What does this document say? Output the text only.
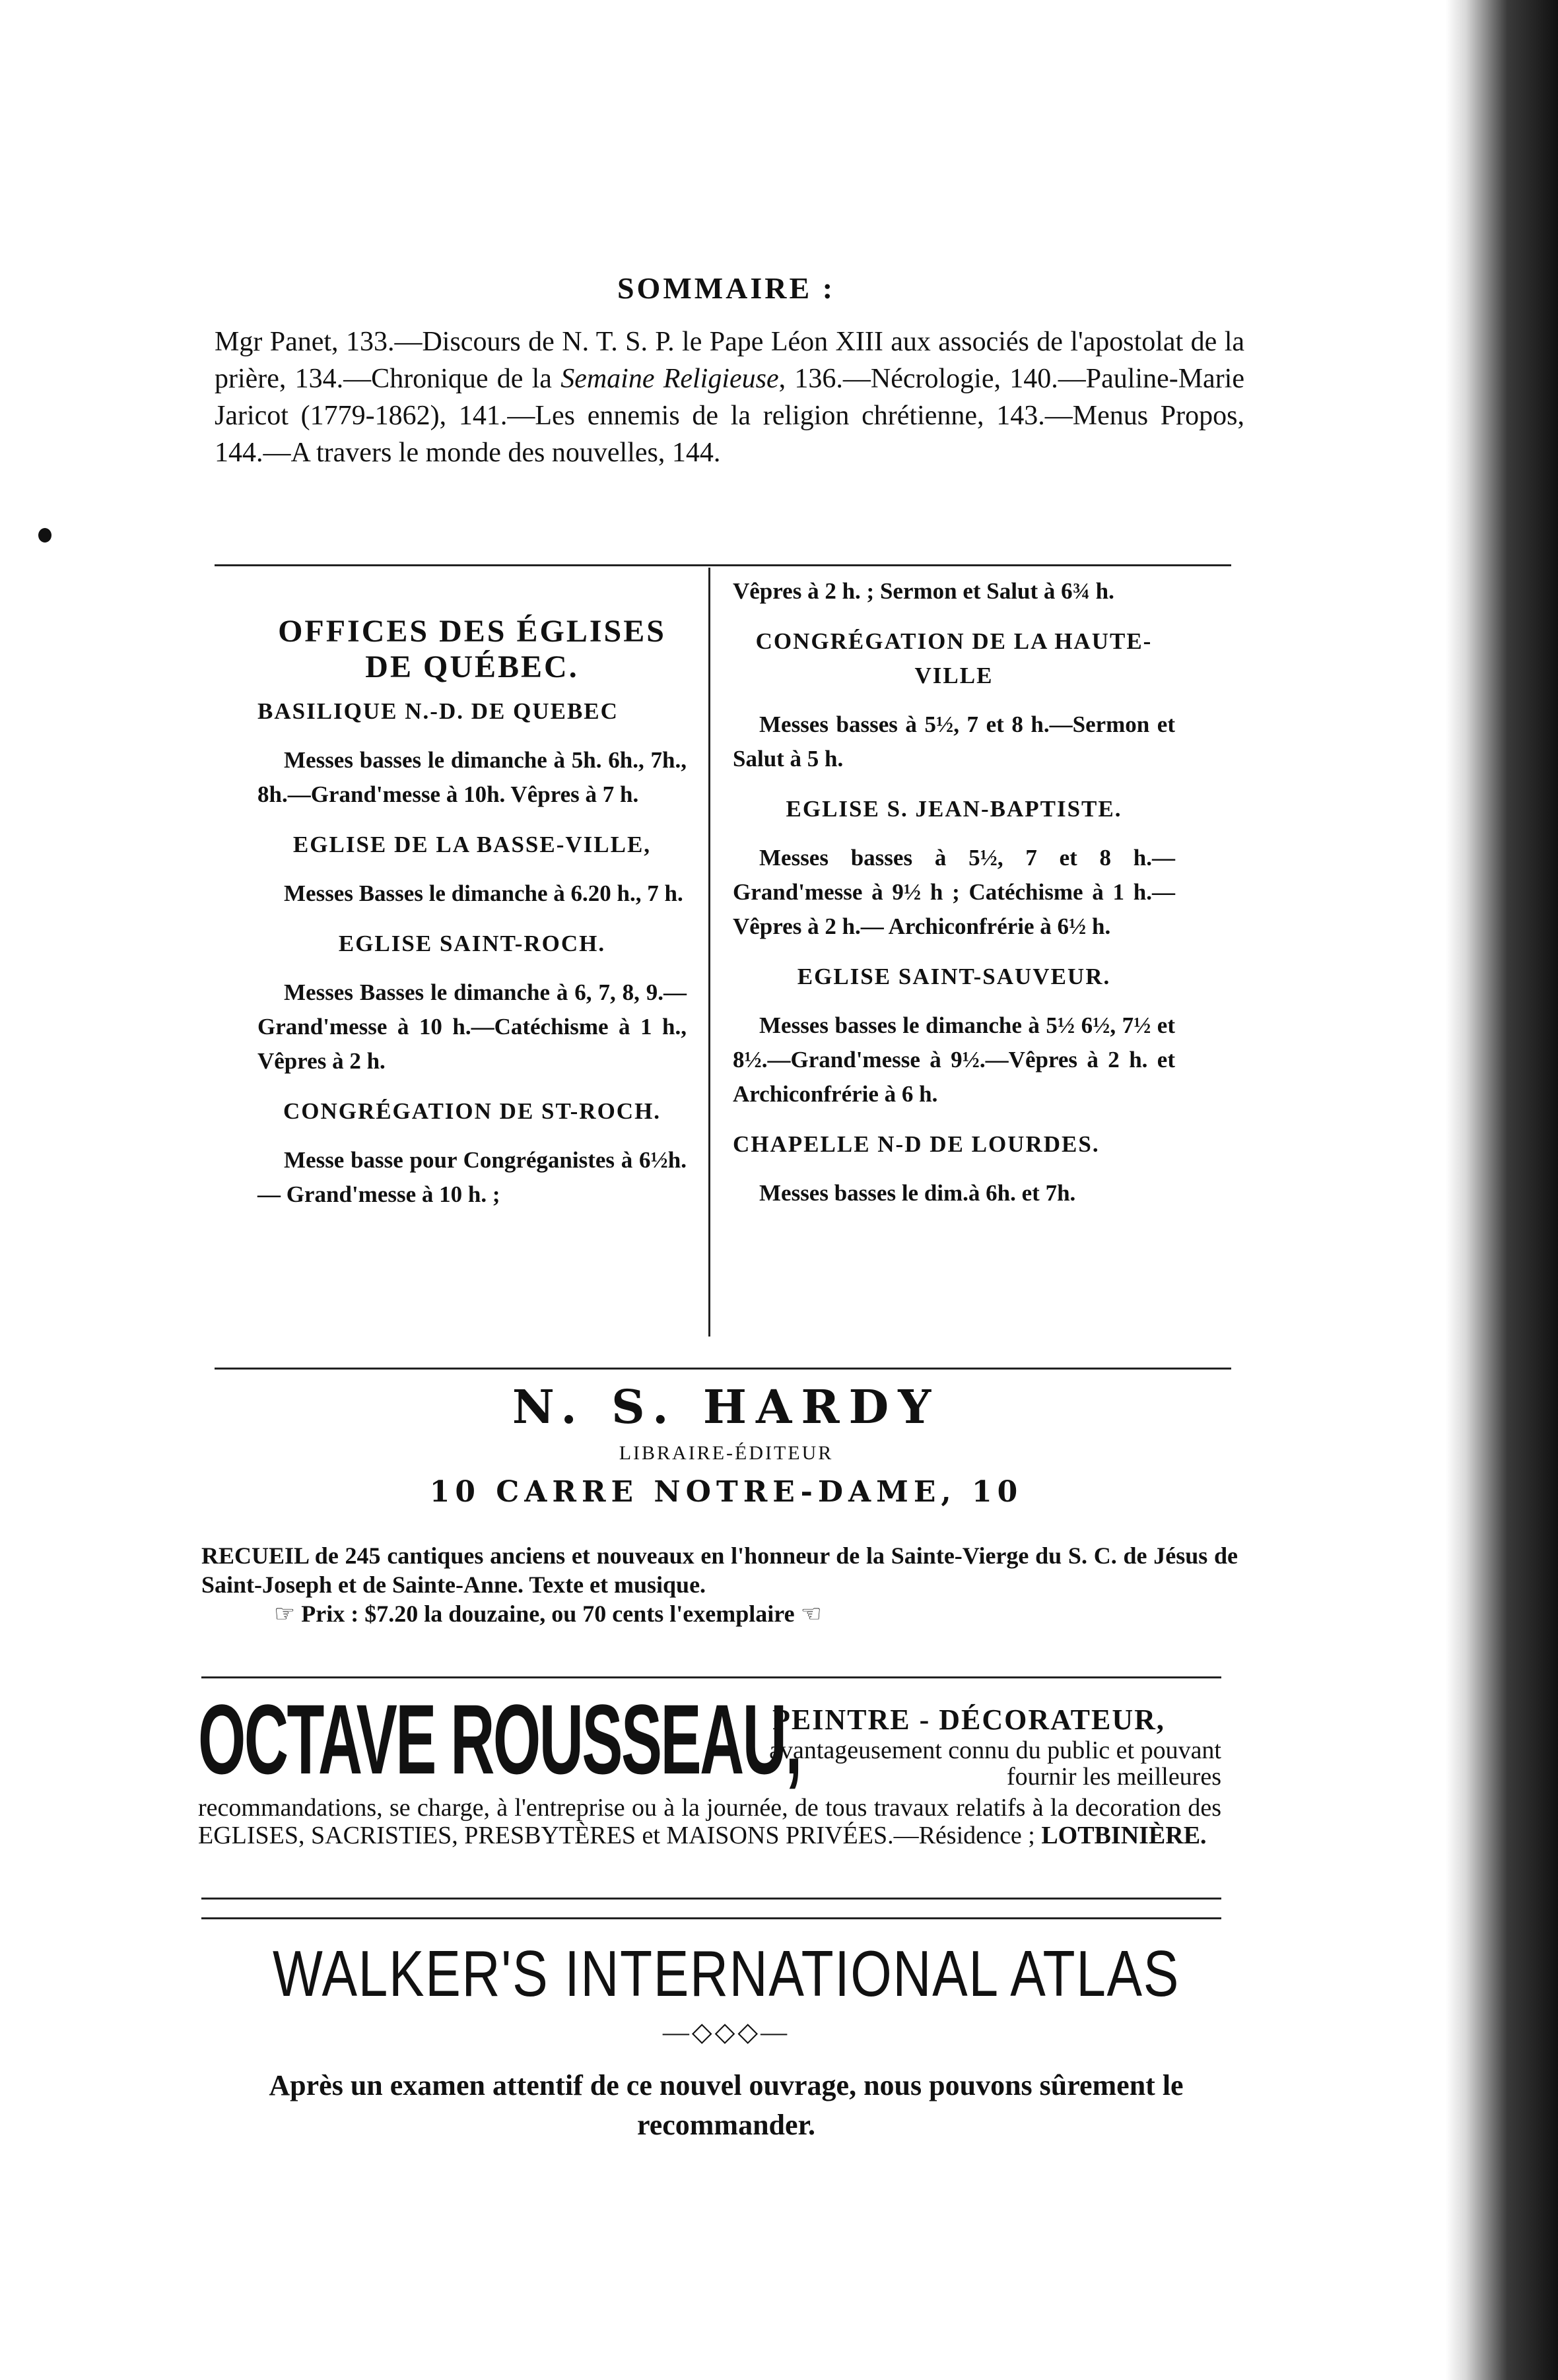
SOMMAIRE :
Mgr Panet, 133.—Discours de N. T. S. P. le Pape Léon XIII aux associés de l'apostolat de la prière, 134.—Chronique de la Semaine Religieuse, 136.—Nécrologie, 140.—Pauline-Marie Jaricot (1779-1862), 141.—Les ennemis de la religion chrétienne, 143.—Menus Propos, 144.—A travers le monde des nouvelles, 144.

OFFICES DES ÉGLISES

DE QUÉBEC.

BASILIQUE N.-D. DE QUEBEC

Messes basses le dimanche à 5h. 6h., 7h., 8h.—Grand'messe à 10h. Vêpres à 7 h.

EGLISE DE LA BASSE-VILLE,

Messes Basses le dimanche à 6.20 h., 7 h.

EGLISE SAINT-ROCH.

Messes Basses le dimanche à 6, 7, 8, 9.—Grand'messe à 10 h.—Catéchisme à 1 h., Vêpres à 2 h.

CONGRÉGATION DE ST-ROCH.

Messe basse pour Congréganistes à 6½h. — Grand'messe à 10 h. ;

Vêpres à 2 h. ; Sermon et Salut à 6¾ h.

CONGRÉGATION DE LA HAUTE-VILLE

Messes basses à 5½, 7 et 8 h.—Sermon et Salut à 5 h.

EGLISE S. JEAN-BAPTISTE.

Messes basses à 5½, 7 et 8 h.—Grand'messe à 9½ h ; Catéchisme à 1 h.—Vêpres à 2 h.— Archiconfrérie à 6½ h.

EGLISE SAINT-SAUVEUR.

Messes basses le dimanche à 5½ 6½, 7½ et 8½.—Grand'messe à 9½.—Vêpres à 2 h. et Archiconfrérie à 6 h.

CHAPELLE N-D DE LOURDES.

Messes basses le dim.à 6h. et 7h.

N. S. HARDY
LIBRAIRE-ÉDITEUR
10 CARRE NOTRE-DAME, 10
RECUEIL de 245 cantiques anciens et nouveaux en l'honneur de la Sainte-Vierge du S. C. de Jésus de Saint-Joseph et de Sainte-Anne. Texte et musique.
☞ Prix : $7.20 la douzaine, ou 70 cents l'exemplaire ☜
OCTAVE ROUSSEAU,
PEINTRE - DÉCORATEUR,
avantageusement connu du public et pouvant fournir les meilleures
recommandations, se charge, à l'entreprise ou à la journée, de tous travaux relatifs à la decoration des EGLISES, SACRISTIES, PRESBYTÈRES et MAISONS PRIVÉES.—Résidence ; LOTBINIÈRE.
WALKER'S INTERNATIONAL ATLAS
—◇◇◇—
Après un examen attentif de ce nouvel ouvrage, nous pouvons sûrement le recommander.
